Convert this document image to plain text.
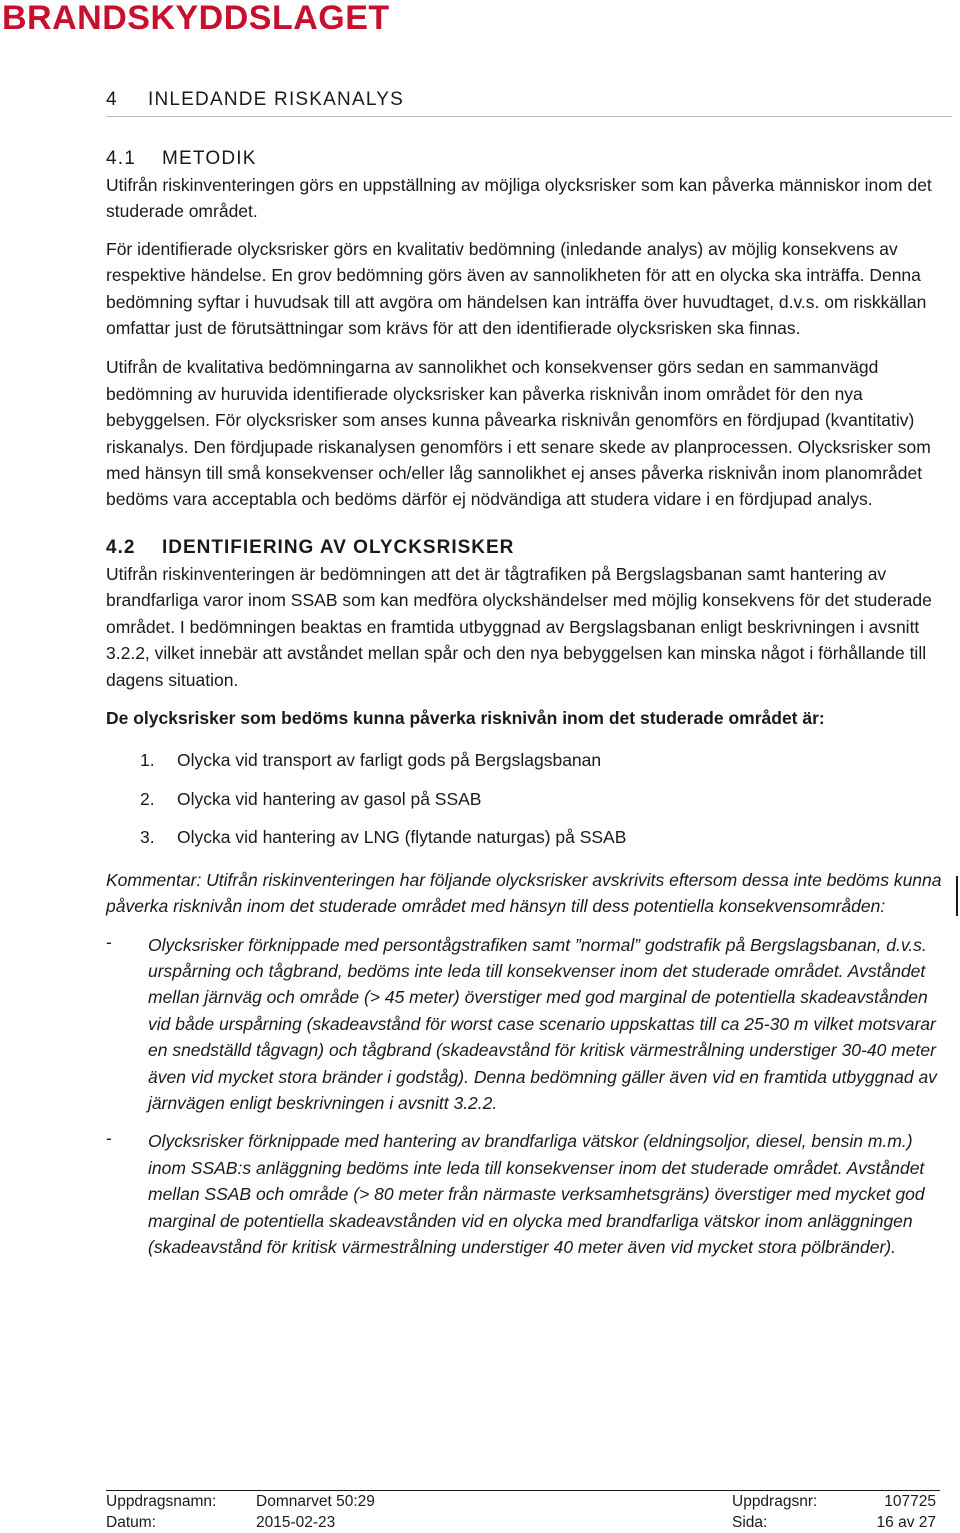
BRANDSKYDDSLAGET
4 INLEDANDE RISKANALYS
4.1 METODIK

Utifrån riskinventeringen görs en uppställning av möjliga olycksrisker som kan påverka människor inom det studerade området.

För identifierade olycksrisker görs en kvalitativ bedömning (inledande analys) av möjlig konsekvens av respektive händelse. En grov bedömning görs även av sannolikheten för att en olycka ska inträffa. Denna bedömning syftar i huvudsak till att avgöra om händelsen kan inträffa över huvudtaget, d.v.s. om riskkällan omfattar just de förutsättningar som krävs för att den identifierade olycksrisken ska finnas.

Utifrån de kvalitativa bedömningarna av sannolikhet och konsekvenser görs sedan en sammanvägd bedömning av huruvida identifierade olycksrisker kan påverka risknivån inom området för den nya bebyggelsen. För olycksrisker som anses kunna påvearka risknivån genomförs en fördjupad (kvantitativ) riskanalys. Den fördjupade riskanalysen genomförs i ett senare skede av planprocessen. Olycksrisker som med hänsyn till små konsekvenser och/eller låg sannolikhet ej anses påverka risknivån inom planområdet bedöms vara acceptabla och bedöms därför ej nödvändiga att studera vidare i en fördjupad analys.

4.2 IDENTIFIERING AV OLYCKSRISKER

Utifrån riskinventeringen är bedömningen att det är tågtrafiken på Bergslagsbanan samt hantering av brandfarliga varor inom SSAB som kan medföra olyckshändelser med möjlig konsekvens för det studerade området. I bedömningen beaktas en framtida utbyggnad av Bergslagsbanan enligt beskrivningen i avsnitt 3.2.2, vilket innebär att avståndet mellan spår och den nya bebyggelsen kan minska något i förhållande till dagens situation.

De olycksrisker som bedöms kunna påverka risknivån inom det studerade området är:

1.	Olycka vid transport av farligt gods på Bergslagsbanan
2.	Olycka vid hantering av gasol på SSAB
3.	Olycka vid hantering av LNG (flytande naturgas) på SSAB

Kommentar: Utifrån riskinventeringen har följande olycksrisker avskrivits eftersom dessa inte bedöms kunna påverka risknivån inom det studerade området med hänsyn till dess potentiella konsekvensområden:

- Olycksrisker förknippade med persontågstrafiken samt ”normal” godstrafik på Bergslagsbanan, d.v.s. urspårning och tågbrand, bedöms inte leda till konsekvenser inom det studerade området. Avståndet mellan järnväg och område (> 45 meter) överstiger med god marginal de potentiella skadeavstånden vid både urspårning (skadeavstånd för worst case scenario uppskattas till ca 25-30 m vilket motsvarar en snedställd tågvagn) och tågbrand (skadeavstånd för kritisk värmestrålning understiger 30-40 meter även vid mycket stora bränder i godståg). Denna bedömning gäller även vid en framtida utbyggnad av järnvägen enligt beskrivningen i avsnitt 3.2.2.

- Olycksrisker förknippade med hantering av brandfarliga vätskor (eldningsoljor, diesel, bensin m.m.) inom SSAB:s anläggning bedöms inte leda till konsekvenser inom det studerade området. Avståndet mellan SSAB och område (> 80 meter från närmaste verksamhetsgräns) överstiger med mycket god marginal de potentiella skadeavstånden vid en olycka med brandfarliga vätskor inom anläggningen (skadeavstånd för kritisk värmestrålning understiger 40 meter även vid mycket stora pölbränder).

Uppdragsnamn:	Domnarvet 50:29	Uppdragsnr:	107725
Datum:	2015-02-23	Sida:	16 av 27
